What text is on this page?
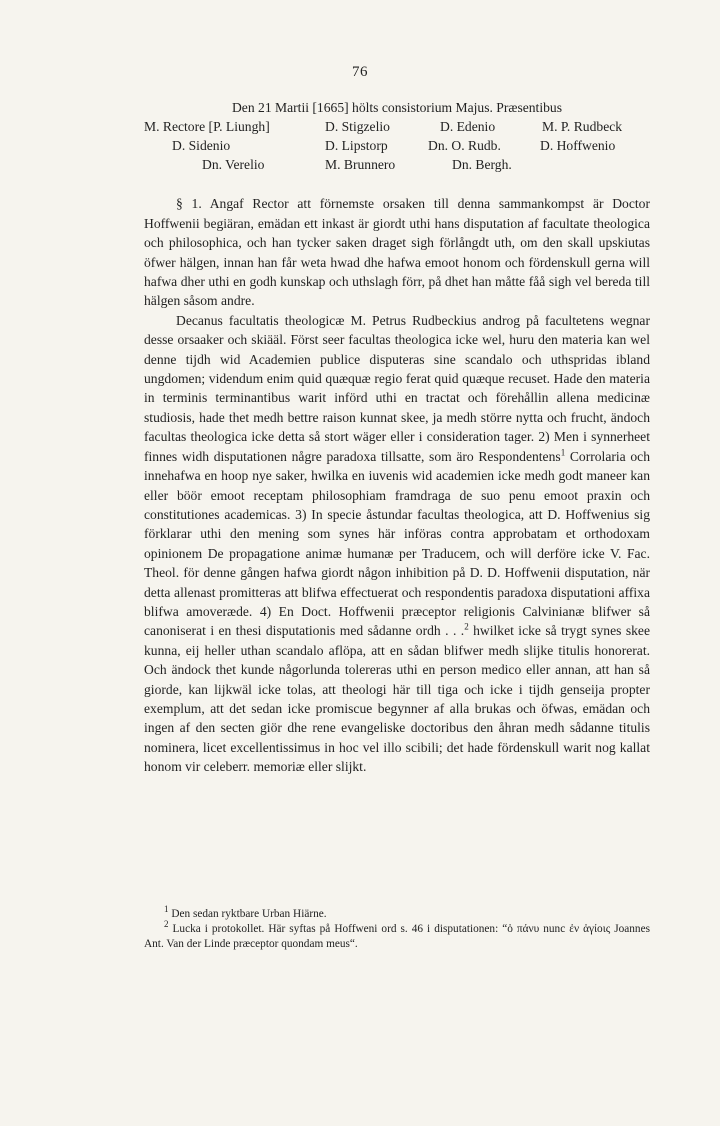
76
Den 21 Martii [1665] hölts consistorium Majus. Præsentibus
M. Rectore [P. Liungh]	D. Stigzelio	D. Edenio	M. P. Rudbeck
D. Sidenio	D. Lipstorp	Dn. O. Rudb.	D. Hoffwenio
Dn. Verelio	M. Brunnero	Dn. Bergh.

§ 1. Angaf Rector att förnemste orsaken till denna sammankompst är Doctor Hoffwenii begiäran, emädan ett inkast är giordt uthi hans disputation af facultate theologica och philosophica, och han tycker saken draget sigh förlångdt uth, om den skall upskiutas öfwer hälgen, innan han får weta hwad dhe hafwa emoot honom och fördenskull gerna will hafwa dher uthi en godh kunskap och uthslagh förr, på dhet han måtte fåå sigh vel bereda till hälgen såsom andre.

Decanus facultatis theologicæ M. Petrus Rudbeckius androg på facultetens wegnar desse orsaaker och skiääl. Först seer facultas theologica icke wel, huru den materia kan wel denne tijdh wid Academien publice disputeras sine scandalo och uthspridas ibland ungdomen; videndum enim quid quæquæ regio ferat quid quæque recuset. Hade den materia in terminis terminantibus warit införd uthi en tractat och förehållin allena medicinæ studiosis, hade thet medh bettre raison kunnat skee, ja medh större nytta och frucht, ändoch facultas theologica icke detta så stort wäger eller i consideration tager. 2) Men i synnerheet finnes widh disputationen någre paradoxa tillsatte, som äro Respondentens$^1$ Corrolaria och innehafwa en hoop nye saker, hwilka en iuvenis wid academien icke medh godt maneer kan eller böör emoot receptam philosophiam framdraga de suo penu emoot praxin och constitutiones academicas. 3) In specie åstundar facultas theologica, att D. Hoffwenius sig förklarar uthi den mening som synes här införas contra approbatam et orthodoxam opinionem De propagatione animæ humanæ per Traducem, och will derföre icke V. Fac. Theol. för denne gången hafwa giordt någon inhibition på D. D. Hoffwenii disputation, när detta allenast promitteras att blifwa effectuerat och respondentis paradoxa disputationi affixa blifwa amoveræde. 4) En Doct. Hoffwenii præceptor religionis Calvinianæ blifwer så canoniserat i en thesi disputationis med sådanne ordh . . .$^2$ hwilket icke så trygt synes skee kunna, eij heller uthan scandalo aflöpa, att en sådan blifwer medh slijke titulis honorerat. Och ändock thet kunde någorlunda tolereras uthi en person medico eller annan, att han så giorde, kan lijkwäl icke tolas, att theologi här till tiga och icke i tijdh genseija propter exemplum, att det sedan icke promiscue begynner af alla brukas och öfwas, emädan och ingen af den secten giör dhe rene evangeliske doctoribus den åhran medh sådanne titulis nominera, licet excellentissimus in hoc vel illo scibili; det hade fördenskull warit nog kallat honom vir celeberr. memoriæ eller slijkt.

$^1$ Den sedan ryktbare Urban Hiärne.
$^2$ Lucka i protokollet. Här syftas på Hoffweni ord s. 46 i disputationen: “ὁ πάνυ nunc ἐν ἁγίοις Joannes Ant. Van der Linde præceptor quondam meus“.
